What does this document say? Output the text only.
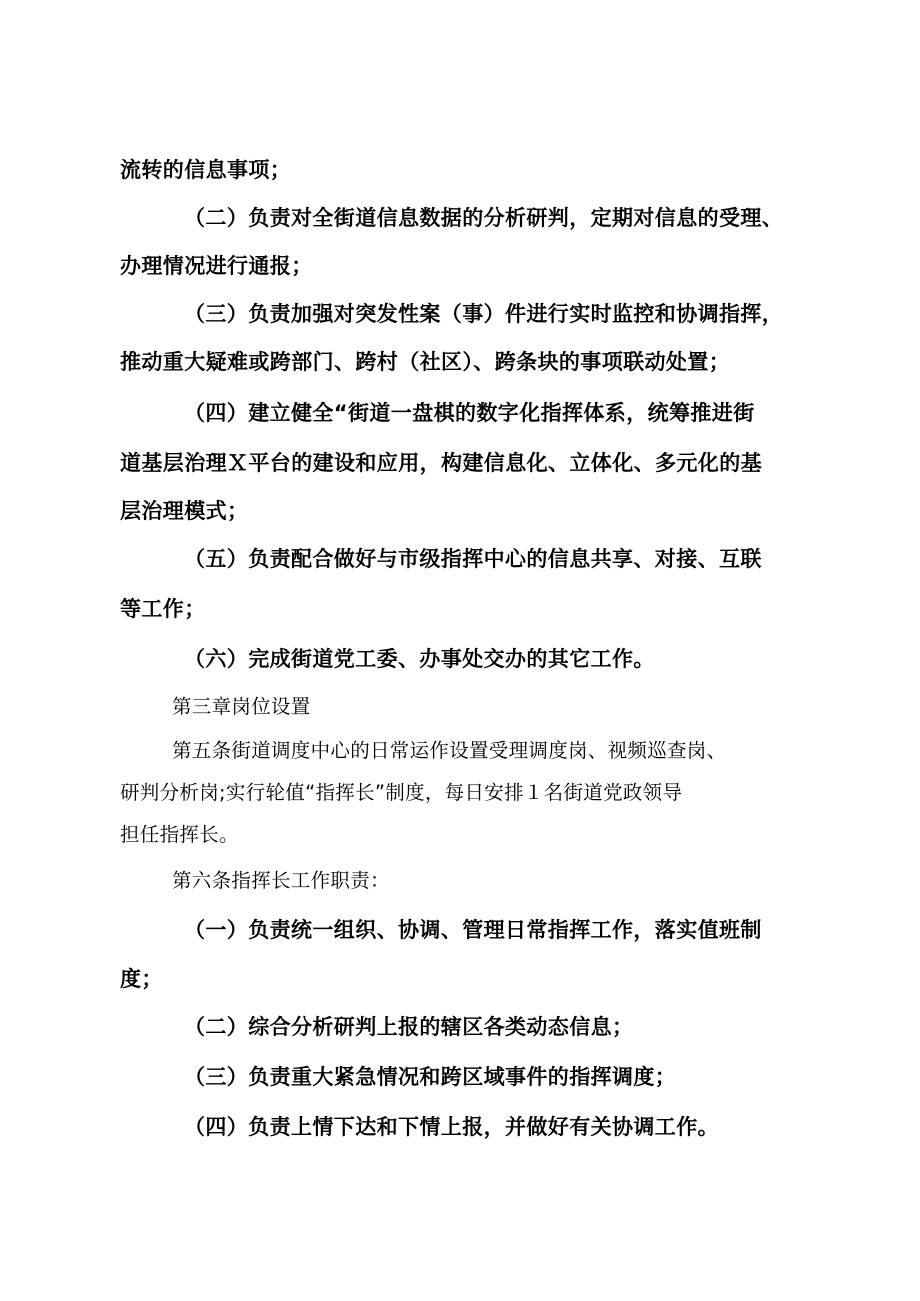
流转的信息事项；

（二）负责对全街道信息数据的分析研判，定期对信息的受理、

办理情况进行通报；

（三）负责加强对突发性案（事）件进行实时监控和协调指挥，

推动重大疑难或跨部门、跨村（社区）、跨条块的事项联动处置；

（四）建立健全“街道一盘棋的数字化指挥体系，统筹推进街

道基层治理Ｘ平台的建设和应用，构建信息化、立体化、多元化的基

层治理模式；

（五）负责配合做好与市级指挥中心的信息共享、对接、互联

等工作；

（六）完成街道党工委、办事处交办的其它工作。

第三章岗位设置

第五条街道调度中心的日常运作设置受理调度岗、视频巡查岗、

研判分析岗;实行轮值“指挥长”制度，每日安排１名街道党政领导

担任指挥长。

第六条指挥长工作职责：

（一）负责统一组织、协调、管理日常指挥工作，落实值班制

度；

（二）综合分析研判上报的辖区各类动态信息；

（三）负责重大紧急情况和跨区域事件的指挥调度；

（四）负责上情下达和下情上报，并做好有关协调工作。
